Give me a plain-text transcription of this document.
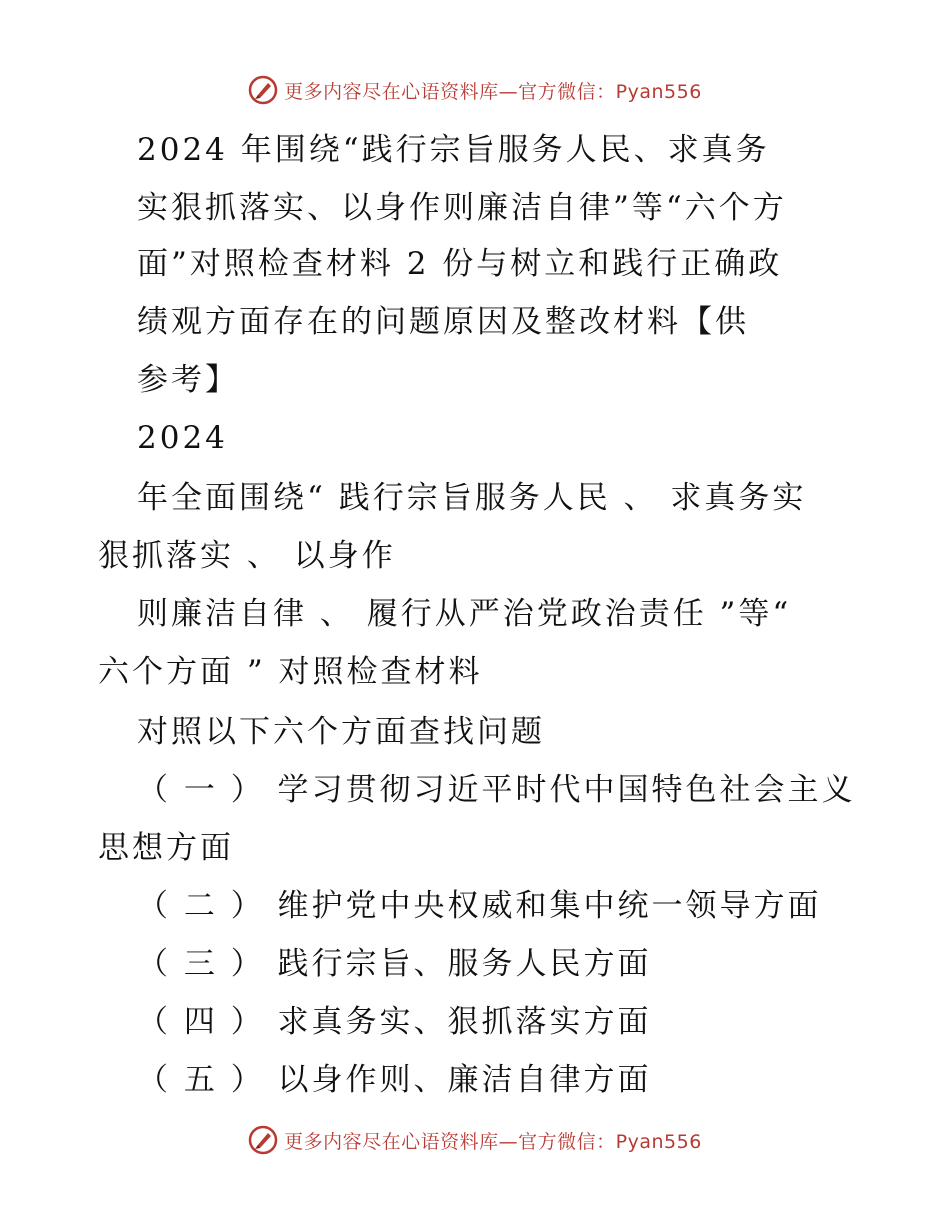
更多内容尽在心语资料库—官方微信：Pyan556
2024 年围绕“践行宗旨服务人民、求真务
实狠抓落实、以身作则廉洁自律”等“六个方
面”对照检查材料 2 份与树立和践行正确政
绩观方面存在的问题原因及整改材料【供
参考】
2024
年全面围绕“ 践行宗旨服务人民 、 求真务实
狠抓落实 、 以身作
则廉洁自律 、 履行从严治党政治责任 ”等“
六个方面 ” 对照检查材料
对照以下六个方面查找问题
（ 一 ） 学习贯彻习近平时代中国特色社会主义
思想方面
（ 二 ） 维护党中央权威和集中统一领导方面
（ 三 ） 践行宗旨、服务人民方面
（ 四 ） 求真务实、狠抓落实方面
（ 五 ） 以身作则、廉洁自律方面
更多内容尽在心语资料库—官方微信：Pyan556
